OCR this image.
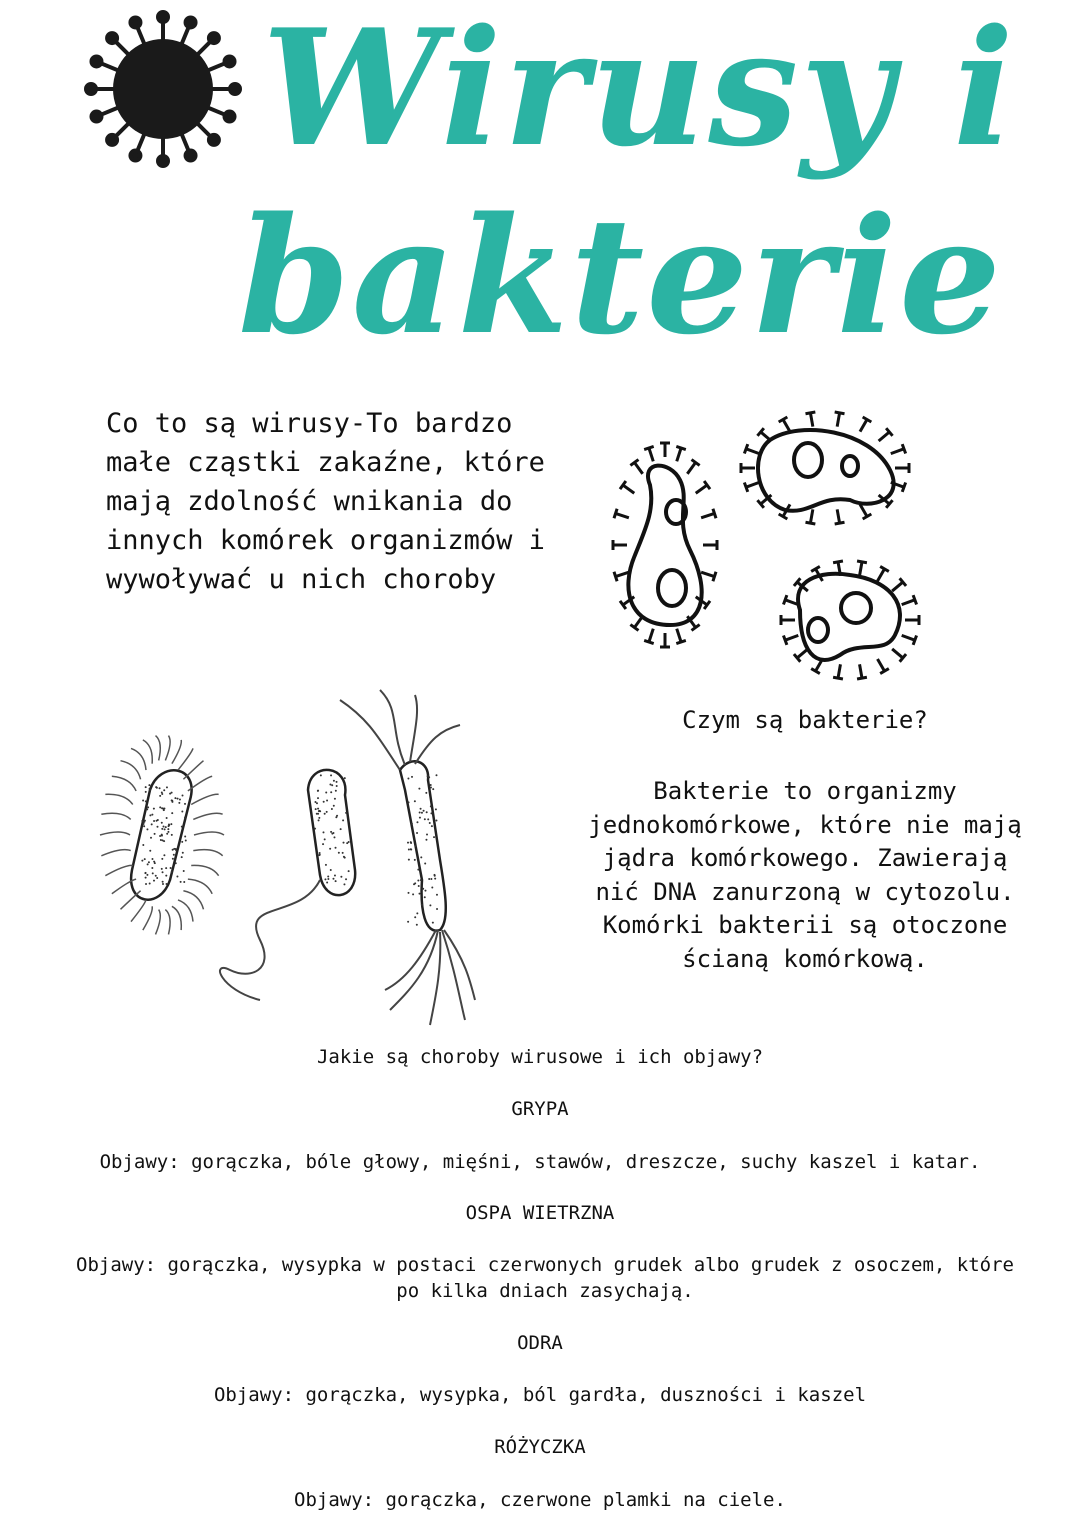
Wirusy i
bakterie
Co to są wirusy-To bardzo małe cząstki zakaźne, które mają zdolność wnikania do innych komórek organizmów i wywoływać u nich choroby
Czym są bakterie?
Bakterie to organizmy jednokomórkowe, które nie mają jądra komórkowego. Zawierają nić DNA zanurzoną w cytozolu. Komórki bakterii są otoczone ścianą komórkową.
Jakie są choroby wirusowe i ich objawy?
GRYPA
Objawy: gorączka, bóle głowy, mięśni, stawów, dreszcze, suchy kaszel i katar.
OSPA WIETRZNA
Objawy: gorączka, wysypka w postaci czerwonych grudek albo grudek z osoczem, które po kilka dniach zasychają.
ODRA
Objawy: gorączka, wysypka, ból gardła, duszności i kaszel
RÓŻYCZKA
Objawy: gorączka, czerwone plamki na ciele.
